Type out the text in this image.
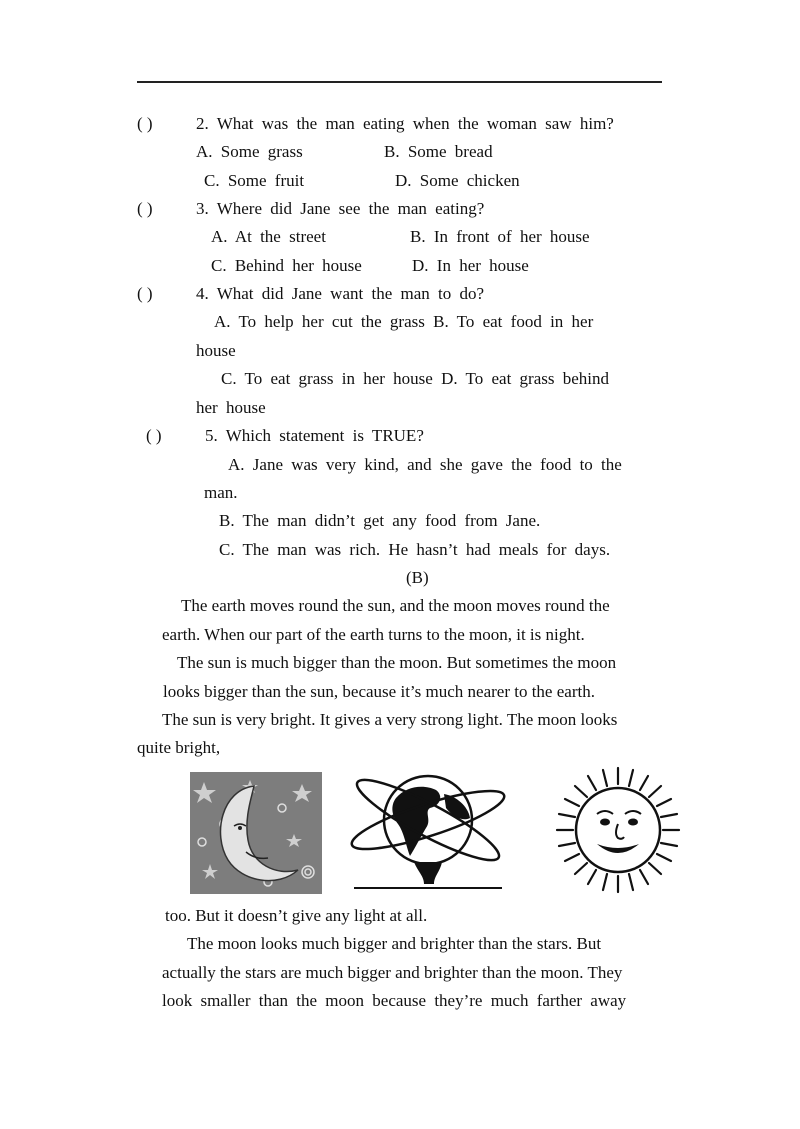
( )	2. What was the man eating when the woman saw him?
A. Some grass	B. Some bread
C. Some fruit	D. Some chicken
( )	3. Where did Jane see the man eating?
A. At the street	B. In front of her house
C. Behind her house	D. In her house
( )	4. What did Jane want the man to do?
A. To help her cut the grass B. To eat food in her
house
C. To eat grass in her house D. To eat grass behind
her house
( )	5. Which statement is TRUE?
A. Jane was very kind, and she gave the food to the
man.
B. The man didn’t get any food from Jane.
C. The man was rich. He hasn’t had meals for days.
(B)
The earth moves round the sun, and the moon moves round the
earth. When our part of the earth turns to the moon, it is night.
The sun is much bigger than the moon. But sometimes the moon
looks bigger than the sun, because it’s much nearer to the earth.
The sun is very bright. It gives a very strong light. The moon looks
quite bright,
too. But it doesn’t give any light at all.
The moon looks much bigger and brighter than the stars. But
actually the stars are much bigger and brighter than the moon. They
look smaller than the moon because they’re much farther away
